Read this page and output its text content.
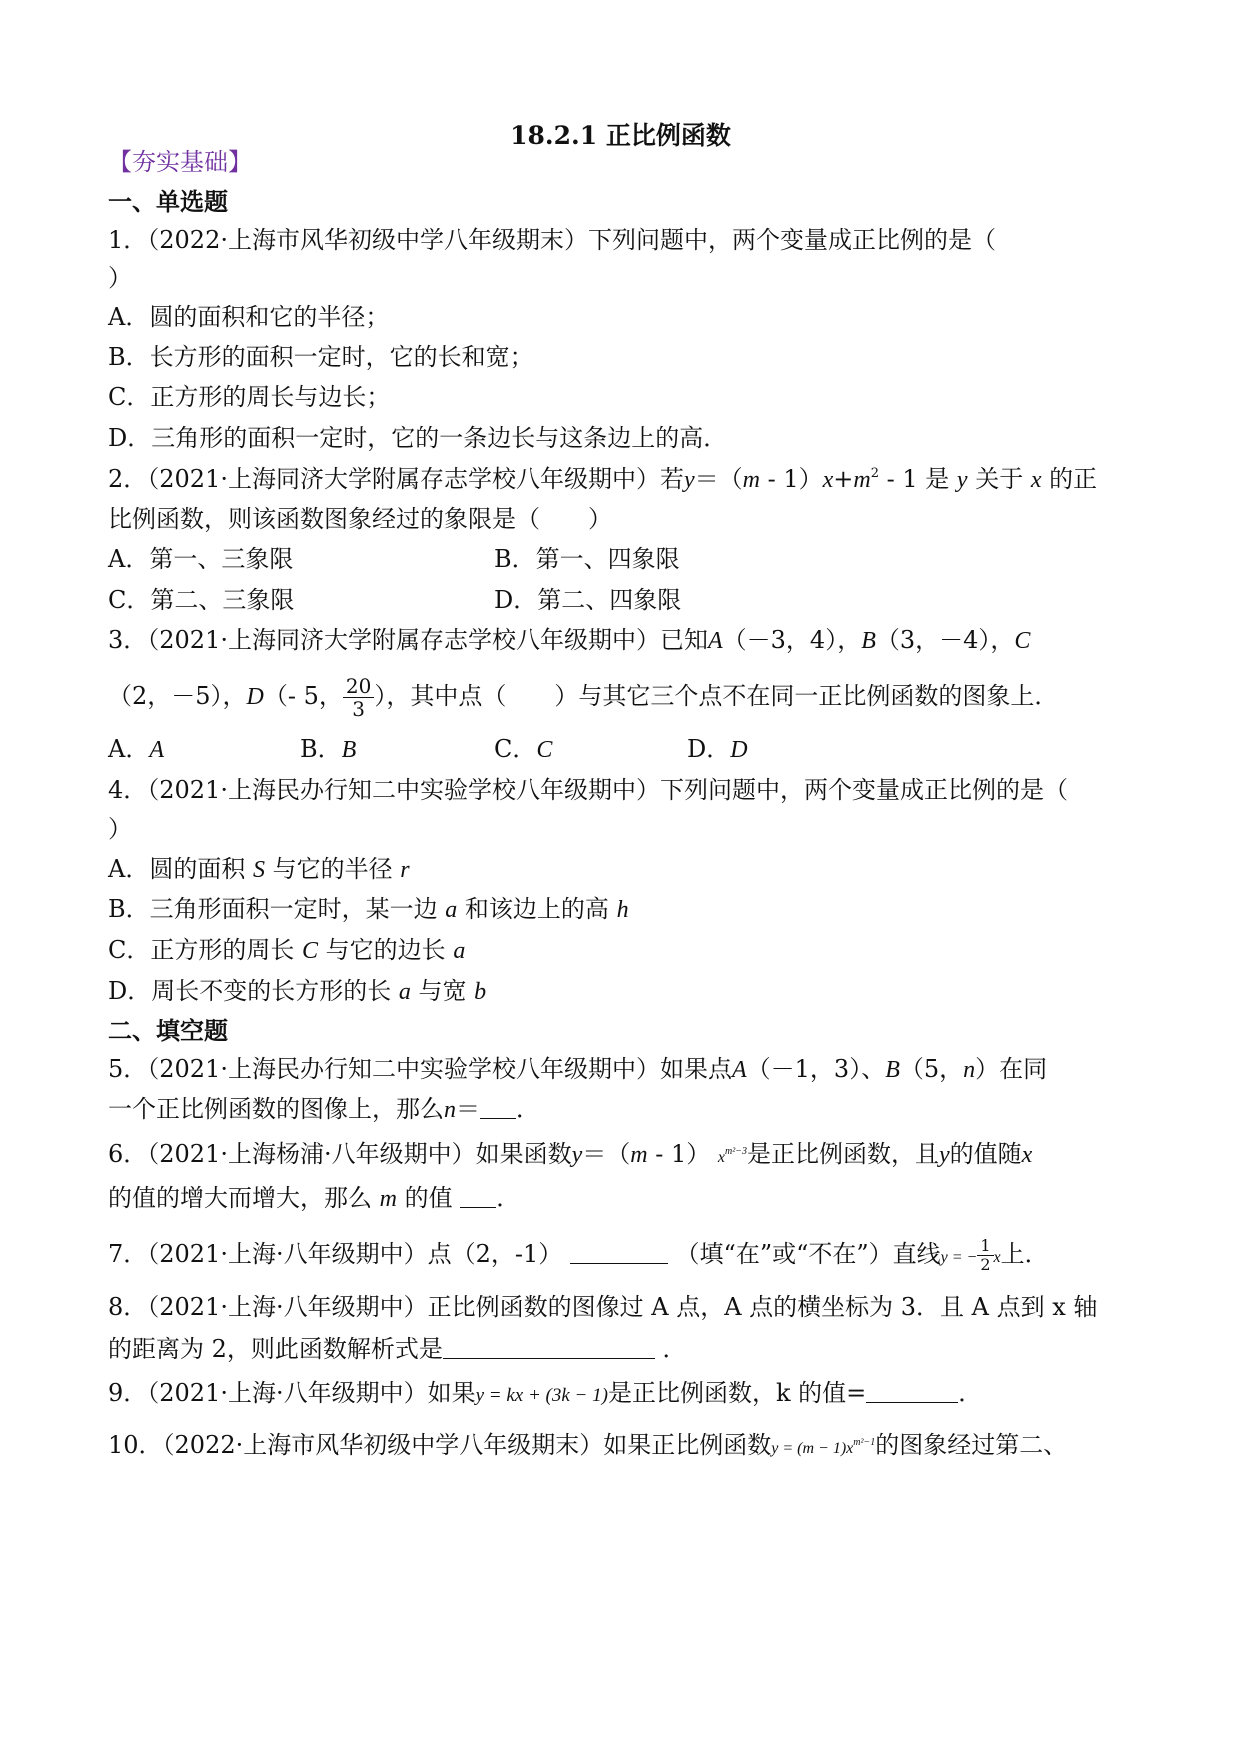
18.2.1 正比例函数
【夯实基础】
一、单选题
1．（2022·上海市风华初级中学八年级期末）下列问题中，两个变量成正比例的是（
）
A．圆的面积和它的半径；
B．长方形的面积一定时，它的长和宽；
C．正方形的周长与边长；
D．三角形的面积一定时，它的一条边长与这条边上的高．
2．（2021·上海同济大学附属存志学校八年级期中）若$y=(m - 1)x+m^2 - 1$ 是 y 关于 x 的正
比例函数，则该函数图象经过的象限是（　　）
A．第一、三象限	B．第一、四象限
C．第二、三象限	D．第二、四象限
3．（2021·上海同济大学附属存志学校八年级期中）已知A（－3，4），B（3，－4），C
（2，－5），D（- 5， $\frac{20}{3}$ ），其中点（　　）与其它三个点不在同一正比例函数的图象上．
A．A	B．B	C．C	D．D
4．（2021·上海民办行知二中实验学校八年级期中）下列问题中，两个变量成正比例的是（
）
A．圆的面积 S 与它的半径 r
B．三角形面积一定时，某一边 a 和该边上的高 h
C．正方形的周长 C 与它的边长 a
D．周长不变的长方形的长 a 与宽 b
二、填空题
5．（2021·上海民办行知二中实验学校八年级期中）如果点A（－1，3）、B（5，n）在同
一个正比例函数的图像上，那么n＝ ．
6．（2021·上海杨浦·八年级期中）如果函数y＝（m - 1） $x^{m^2-3}$是正比例函数，且y的值随x
的值的增大而增大，那么 m 的值 ．
7．（2021·上海·八年级期中）点（2，-1）	（填“在”或“不在”）直线y = − $\frac{1}{2}$ x上．
8．（2021·上海·八年级期中）正比例函数的图像过 A 点，A 点的横坐标为 3．且 A 点到 x 轴
的距离为 2，则此函数解析式是	．
9．（2021·上海·八年级期中）如果y = kx + (3k − 1)是正比例函数，k 的值=	．
10．（2022·上海市风华初级中学八年级期末）如果正比例函数$y = (m - 1)x^{m^2-1}$的图象经过第二、
